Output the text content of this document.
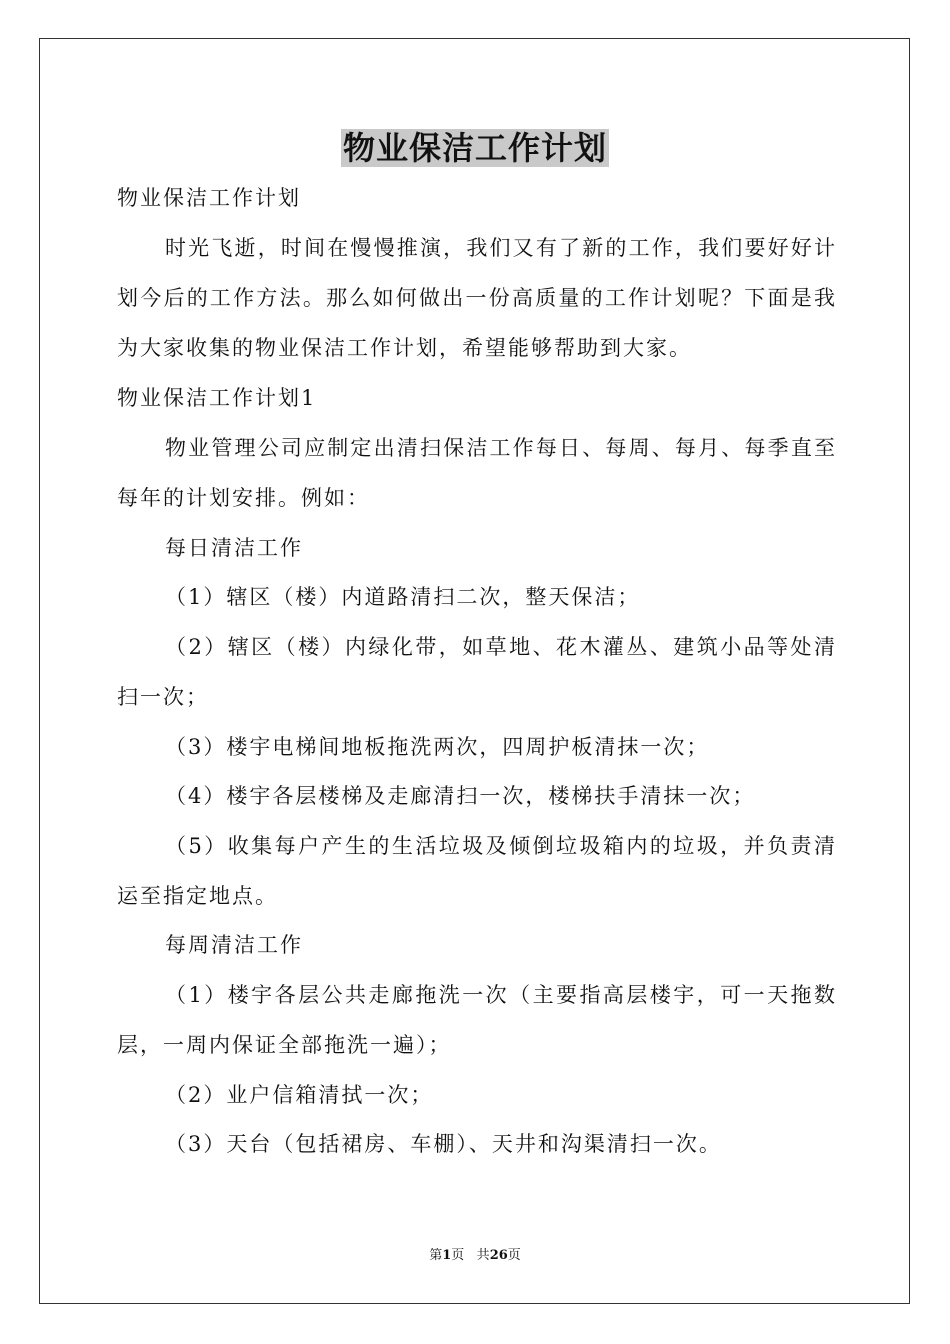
物业保洁工作计划

物业保洁工作计划

时光飞逝，时间在慢慢推演，我们又有了新的工作，我们要好好计划今后的工作方法。那么如何做出一份高质量的工作计划呢？下面是我为大家收集的物业保洁工作计划，希望能够帮助到大家。

物业保洁工作计划1

物业管理公司应制定出清扫保洁工作每日、每周、每月、每季直至每年的计划安排。例如：

每日清洁工作

（1）辖区（楼）内道路清扫二次，整天保洁；

（2）辖区（楼）内绿化带，如草地、花木灌丛、建筑小品等处清扫一次；

（3）楼宇电梯间地板拖洗两次，四周护板清抹一次；

（4）楼宇各层楼梯及走廊清扫一次，楼梯扶手清抹一次；

（5）收集每户产生的生活垃圾及倾倒垃圾箱内的垃圾，并负责清运至指定地点。

每周清洁工作

（1）楼宇各层公共走廊拖洗一次（主要指高层楼宇，可一天拖数层，一周内保证全部拖洗一遍）；

（2）业户信箱清拭一次；

（3）天台（包括裙房、车棚）、天井和沟渠清扫一次。

第1页 共26页
